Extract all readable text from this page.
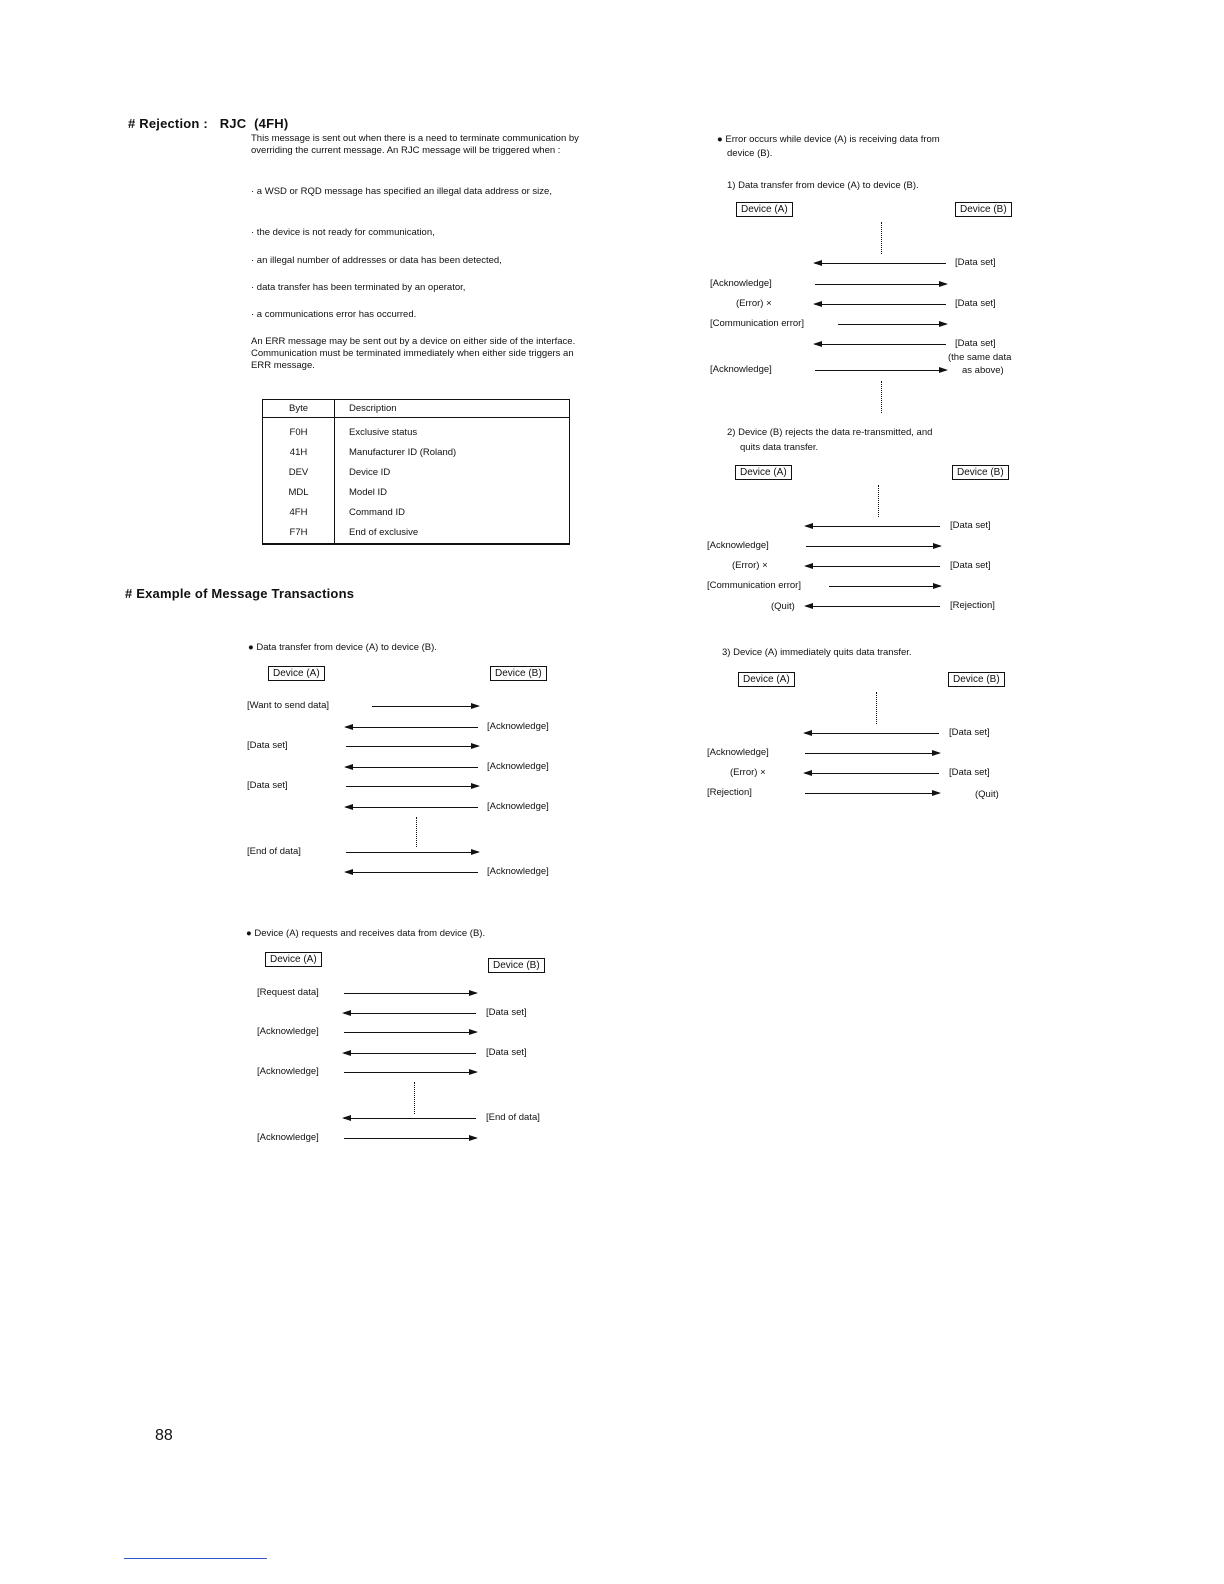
# Rejection : RJC (4FH)
This message is sent out when there is a need to terminate communication by overriding the current message. An RJC message will be triggered when :
· a WSD or RQD message has specified an illegal data address or size,
· the device is not ready for communication,
· an illegal number of addresses or data has been detected,
· data transfer has been terminated by an operator,
· a communications error has occurred.
An ERR message may be sent out by a device on either side of the interface. Communication must be terminated immediately when either side triggers an ERR message.
Byte	Description
F0H	Exclusive status
41H	Manufacturer ID (Roland)
DEV	Device ID
MDL	Model ID
4FH	Command ID
F7H	End of exclusive
# Example of Message Transactions
● Data transfer from device (A) to device (B).
Device (A)	Device (B)
[Want to send data]
[Acknowledge]
[Data set]
[Acknowledge]
[Data set]
[Acknowledge]
[End of data]
[Acknowledge]
● Device (A) requests and receives data from device (B).
Device (A)
Device (B)
[Request data]
[Data set]
[Acknowledge]
[Data set]
[Acknowledge]
[End of data]
[Acknowledge]
● Error occurs while device (A) is receiving data from
device (B).
1) Data transfer from device (A) to device (B).
Device (A)	Device (B)
[Data set]
[Acknowledge]
(Error) ×	[Data set]
[Communication error]
[Data set]
(the same data
[Acknowledge]	as above)
2) Device (B) rejects the data re-transmitted, and
quits data transfer.
Device (A)	Device (B)
[Data set]
[Acknowledge]
(Error) ×	[Data set]
[Communication error]
(Quit)	[Rejection]
3) Device (A) immediately quits data transfer.
Device (A)	Device (B)
[Data set]
[Acknowledge]
(Error) ×	[Data set]
[Rejection]	(Quit)
88
